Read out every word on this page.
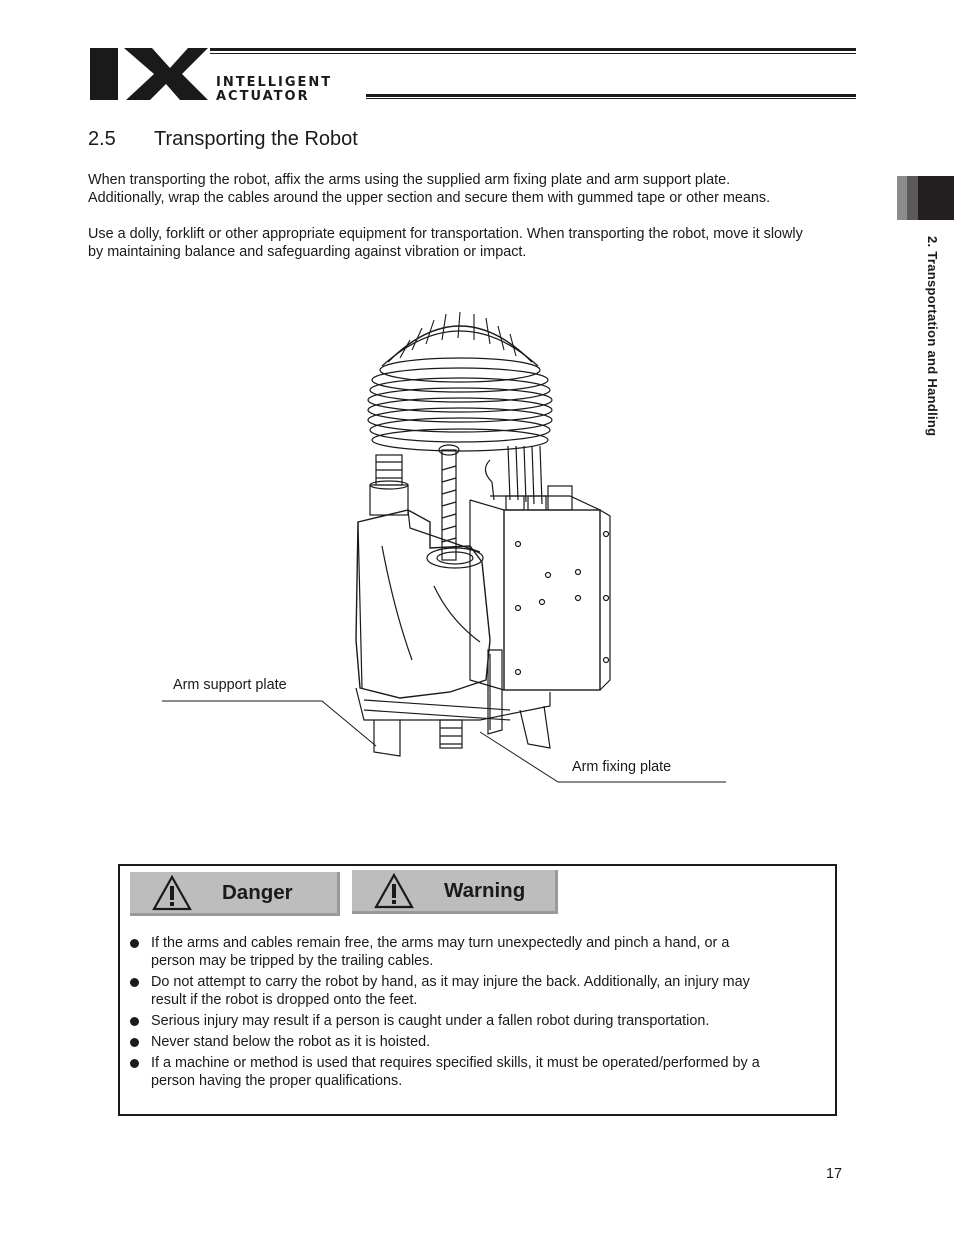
INTELLIGENT
ACTUATOR
2.5 Transporting the Robot
When transporting the robot, affix the arms using the supplied arm fixing plate and arm support plate.
Additionally, wrap the cables around the upper section and secure them with gummed tape or other means.
Use a dolly, forklift or other appropriate equipment for transportation. When transporting the robot, move it slowly
by maintaining balance and safeguarding against vibration or impact.	2. Transportation and Handling
Arm support plate
Arm fixing plate
Danger	Warning
If the arms and cables remain free, the arms may turn unexpectedly and pinch a hand, or a
person may be tripped by the trailing cables.
Do not attempt to carry the robot by hand, as it may injure the back. Additionally, an injury may
result if the robot is dropped onto the feet.
Serious injury may result if a person is caught under a fallen robot during transportation.
Never stand below the robot as it is hoisted.
If a machine or method is used that requires specified skills, it must be operated/performed by a
person having the proper qualifications.
17
